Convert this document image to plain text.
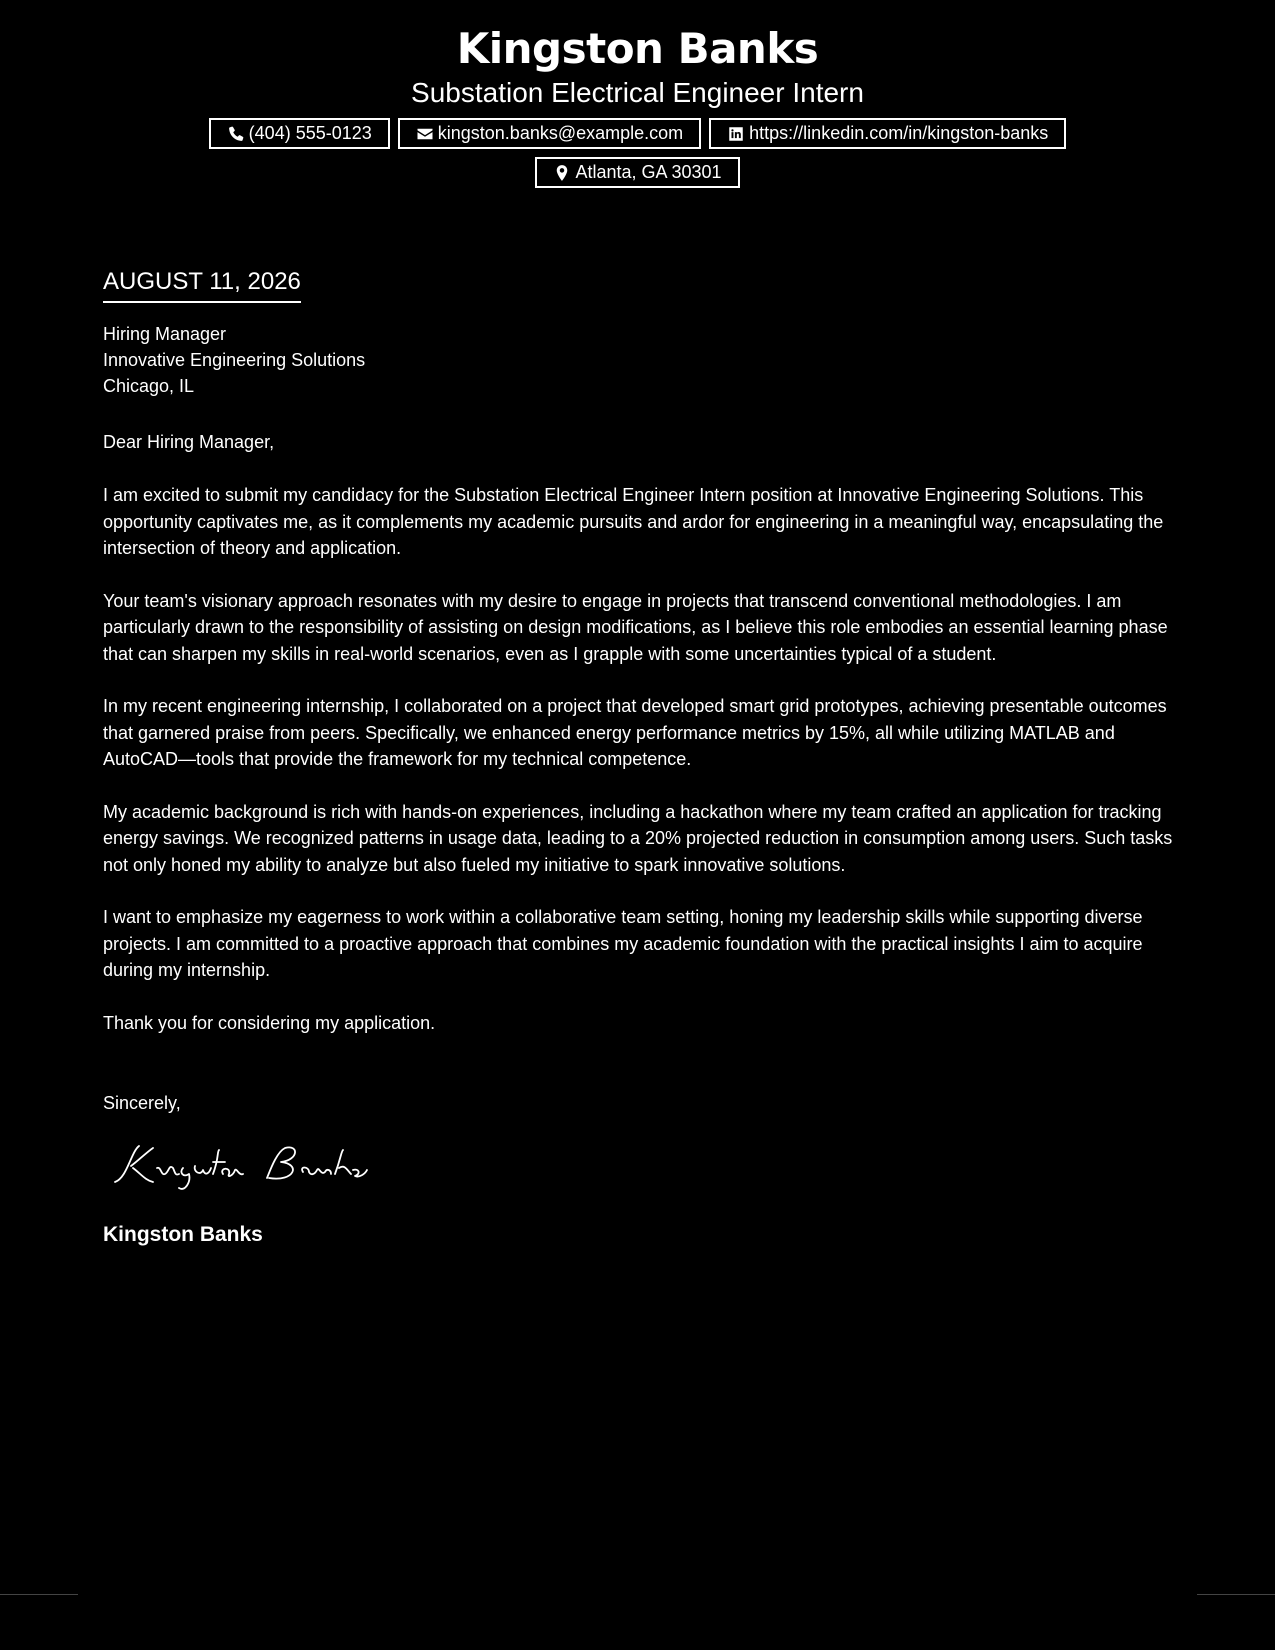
Kingston Banks
Substation Electrical Engineer Intern
(404) 555-0123	kingston.banks@example.com	https://linkedin.com/in/kingston-banks
Atlanta, GA 30301
AUGUST 11, 2026
Hiring Manager
Innovative Engineering Solutions
Chicago, IL

Dear Hiring Manager,

I am excited to submit my candidacy for the Substation Electrical Engineer Intern position at Innovative Engineering Solutions. This opportunity captivates me, as it complements my academic pursuits and ardor for engineering in a meaningful way, encapsulating the intersection of theory and application.

Your team's visionary approach resonates with my desire to engage in projects that transcend conventional methodologies. I am particularly drawn to the responsibility of assisting on design modifications, as I believe this role embodies an essential learning phase that can sharpen my skills in real-world scenarios, even as I grapple with some uncertainties typical of a student.

In my recent engineering internship, I collaborated on a project that developed smart grid prototypes, achieving presentable outcomes that garnered praise from peers. Specifically, we enhanced energy performance metrics by 15%, all while utilizing MATLAB and AutoCAD—tools that provide the framework for my technical competence.

My academic background is rich with hands-on experiences, including a hackathon where my team crafted an application for tracking energy savings. We recognized patterns in usage data, leading to a 20% projected reduction in consumption among users. Such tasks not only honed my ability to analyze but also fueled my initiative to spark innovative solutions.

I want to emphasize my eagerness to work within a collaborative team setting, honing my leadership skills while supporting diverse projects. I am committed to a proactive approach that combines my academic foundation with the practical insights I aim to acquire during my internship.

Thank you for considering my application.

Sincerely,

Kingston Banks
